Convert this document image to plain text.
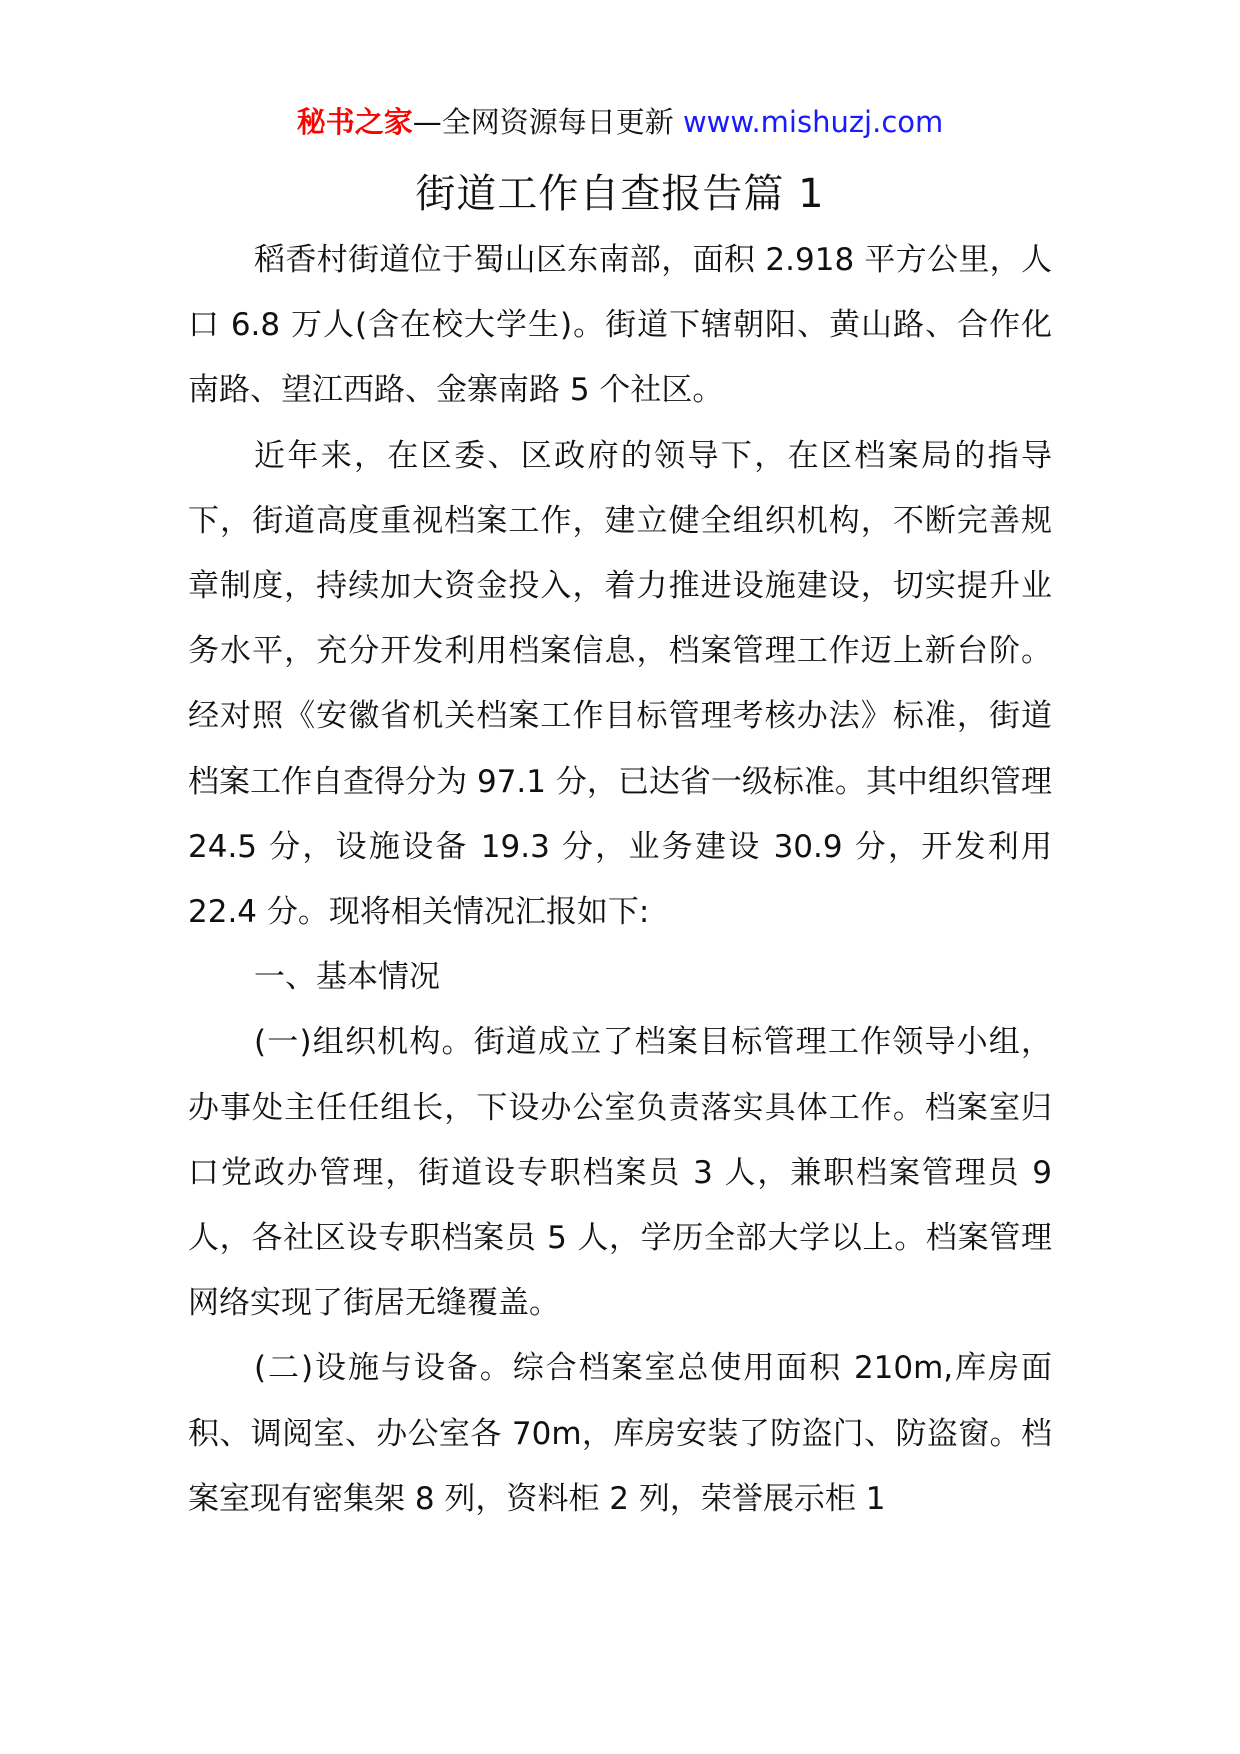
秘书之家—全网资源每日更新 www.mishuzj.com
街道工作自查报告篇 1

稻香村街道位于蜀山区东南部，面积 2.918 平方公里，人口 6.8 万人(含在校大学生)。街道下辖朝阳、黄山路、合作化南路、望江西路、金寨南路 5 个社区。

近年来，在区委、区政府的领导下，在区档案局的指导下，街道高度重视档案工作，建立健全组织机构，不断完善规章制度，持续加大资金投入，着力推进设施建设，切实提升业务水平，充分开发利用档案信息，档案管理工作迈上新台阶。经对照《安徽省机关档案工作目标管理考核办法》标准，街道档案工作自查得分为 97.1 分，已达省一级标准。其中组织管理 24.5 分，设施设备 19.3 分，业务建设 30.9 分，开发利用 22.4 分。现将相关情况汇报如下:

一、基本情况

(一)组织机构。街道成立了档案目标管理工作领导小组，办事处主任任组长，下设办公室负责落实具体工作。档案室归口党政办管理，街道设专职档案员 3 人，兼职档案管理员 9 人，各社区设专职档案员 5 人，学历全部大学以上。档案管理网络实现了街居无缝覆盖。

(二)设施与设备。综合档案室总使用面积 210m,库房面积、调阅室、办公室各 70m，库房安装了防盗门、防盗窗。档案室现有密集架 8 列，资料柜 2 列，荣誉展示柜 1
